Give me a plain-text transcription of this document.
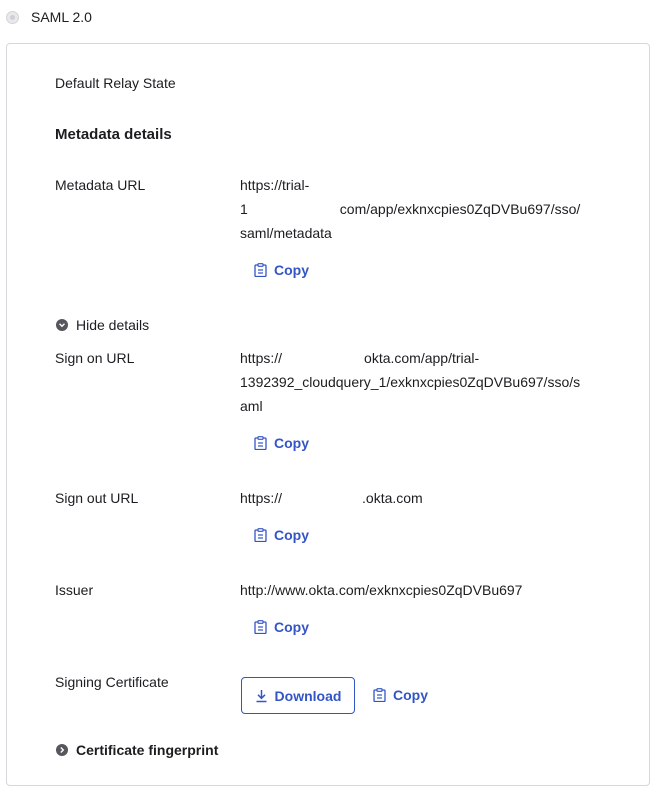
SAML 2.0
Default Relay State
Metadata details
Metadata URL	https://trial-
1	com/app/exknxcpies0ZqDVBu697/sso/
saml/metadata
Copy
Hide details
Sign on URL	https://	okta.com/app/trial-
1392392_cloudquery_1/exknxcpies0ZqDVBu697/sso/s
aml
Copy
Sign out URL	https://	.okta.com
Copy
Issuer	http://www.okta.com/exknxcpies0ZqDVBu697
Copy
Signing Certificate
Download	Copy
Certificate fingerprint
